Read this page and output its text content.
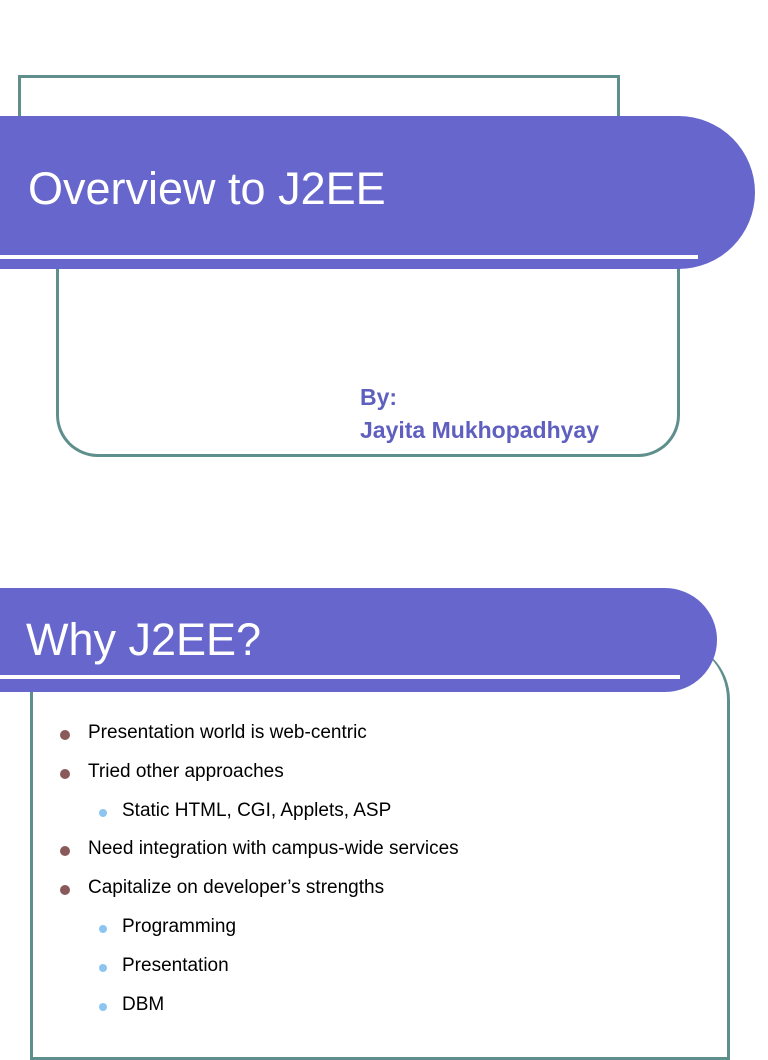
Overview to J2EE
By:
Jayita Mukhopadhyay
Why J2EE?
Presentation world is web-centric
Tried other approaches
Static HTML, CGI, Applets, ASP
Need integration with campus-wide services
Capitalize on developer’s strengths
Programming
Presentation
DBM
